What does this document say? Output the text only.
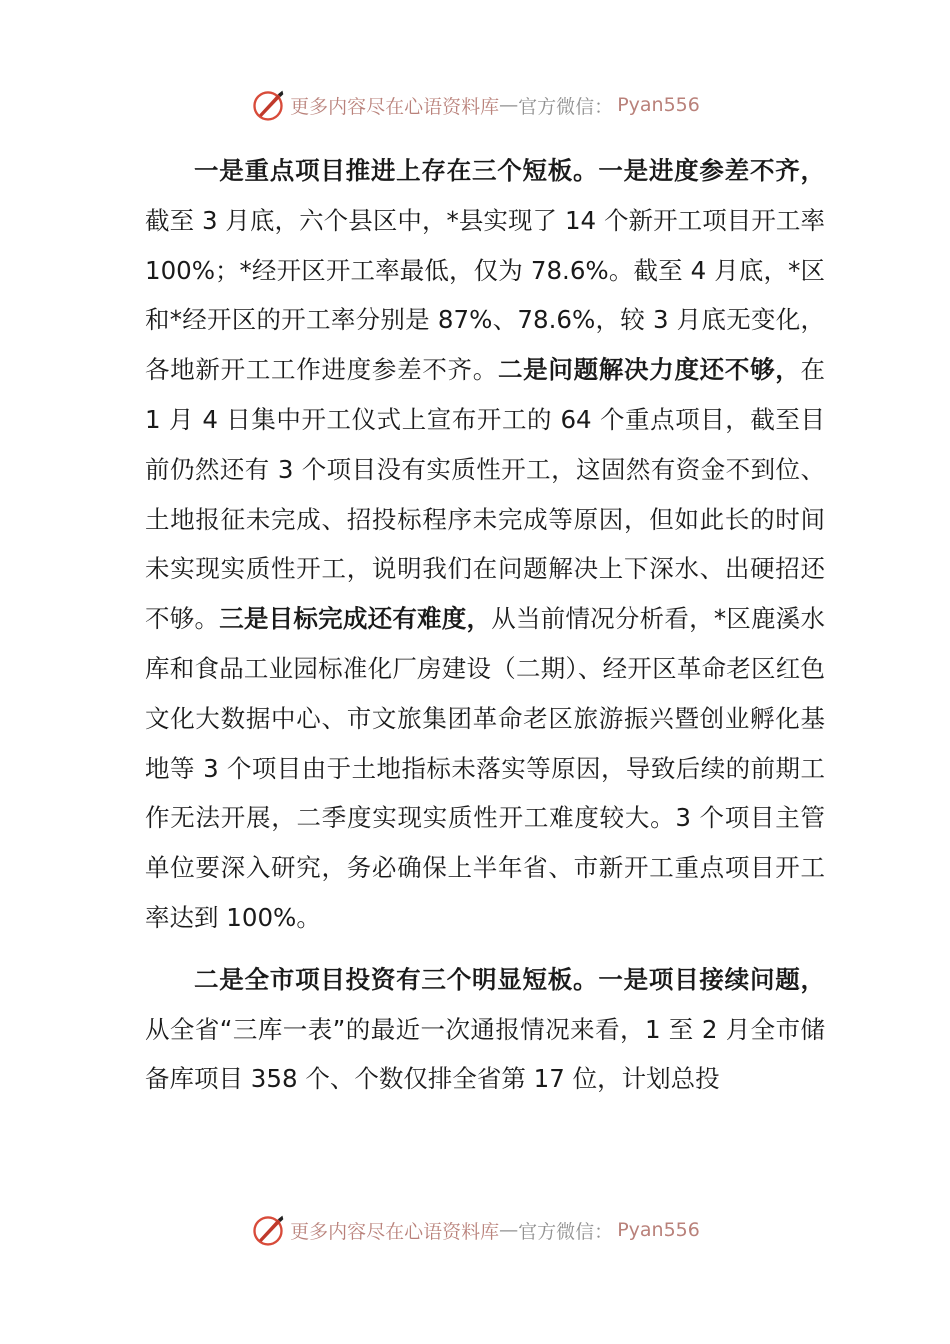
更多内容尽在心语资料库 — 官方微信： Pyan556

一是重点项目推进上存在三个短板。一是进度参差不齐，截至 3 月底，六个县区中，*县实现了 14 个新开工项目开工率 100%；*经开区开工率最低，仅为 78.6%。截至 4 月底，*区和*经开区的开工率分别是 87%、78.6%，较 3 月底无变化，各地新开工工作进度参差不齐。二是问题解决力度还不够，在 1 月 4 日集中开工仪式上宣布开工的 64 个重点项目，截至目前仍然还有 3 个项目没有实质性开工，这固然有资金不到位、土地报征未完成、招投标程序未完成等原因，但如此长的时间未实现实质性开工，说明我们在问题解决上下深水、出硬招还不够。三是目标完成还有难度，从当前情况分析看，*区鹿溪水库和食品工业园标准化厂房建设（二期）、经开区革命老区红色文化大数据中心、市文旅集团革命老区旅游振兴暨创业孵化基地等 3 个项目由于土地指标未落实等原因，导致后续的前期工作无法开展，二季度实现实质性开工难度较大。3 个项目主管单位要深入研究，务必确保上半年省、市新开工重点项目开工率达到 100%。

二是全市项目投资有三个明显短板。一是项目接续问题，从全省“三库一表”的最近一次通报情况来看，1 至 2 月全市储备库项目 358 个、个数仅排全省第 17 位，计划总投

更多内容尽在心语资料库 — 官方微信： Pyan556
